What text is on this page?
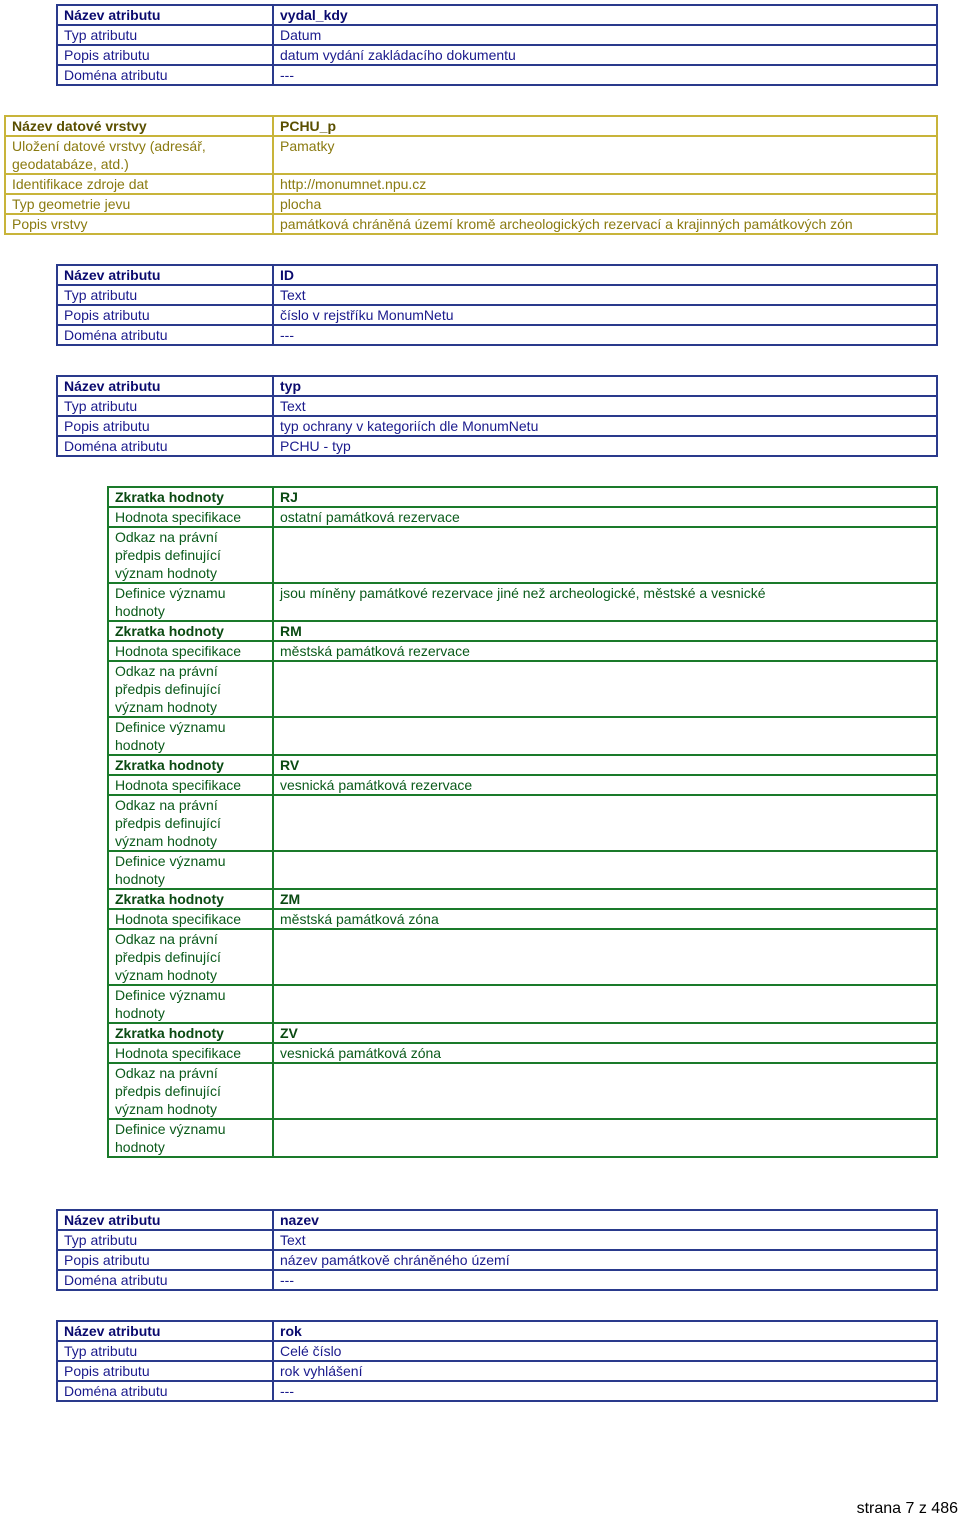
Název atributu	vydal_kdy
Typ atributu	Datum
Popis atributu	datum vydání zakládacího dokumentu
Doména atributu	---
Název datové vrstvy	PCHU_p
Uložení datové vrstvy (adresář, geodatabáze, atd.)	Pamatky
Identifikace zdroje dat	http://monumnet.npu.cz
Typ geometrie jevu	plocha
Popis vrstvy	památková chráněná území kromě archeologických rezervací a krajinných památkových zón
Název atributu	ID
Typ atributu	Text
Popis atributu	číslo v rejstříku MonumNetu
Doména atributu	---
Název atributu	typ
Typ atributu	Text
Popis atributu	typ ochrany v kategoriích dle MonumNetu
Doména atributu	PCHU - typ
Zkratka hodnoty	RJ
Hodnota specifikace	ostatní památková rezervace
Odkaz na právní předpis definující význam hodnoty	
Definice významu hodnoty	jsou míněny památkové rezervace jiné než archeologické, městské a vesnické
Zkratka hodnoty	RM
Hodnota specifikace	městská památková rezervace
Odkaz na právní předpis definující význam hodnoty	
Definice významu hodnoty	
Zkratka hodnoty	RV
Hodnota specifikace	vesnická památková rezervace
Odkaz na právní předpis definující význam hodnoty	
Definice významu hodnoty	
Zkratka hodnoty	ZM
Hodnota specifikace	městská památková zóna
Odkaz na právní předpis definující význam hodnoty	
Definice významu hodnoty	
Zkratka hodnoty	ZV
Hodnota specifikace	vesnická památková zóna
Odkaz na právní předpis definující význam hodnoty	
Definice významu hodnoty	
Název atributu	nazev
Typ atributu	Text
Popis atributu	název památkově chráněného území
Doména atributu	---
Název atributu	rok
Typ atributu	Celé číslo
Popis atributu	rok vyhlášení
Doména atributu	---
strana 7 z 486
